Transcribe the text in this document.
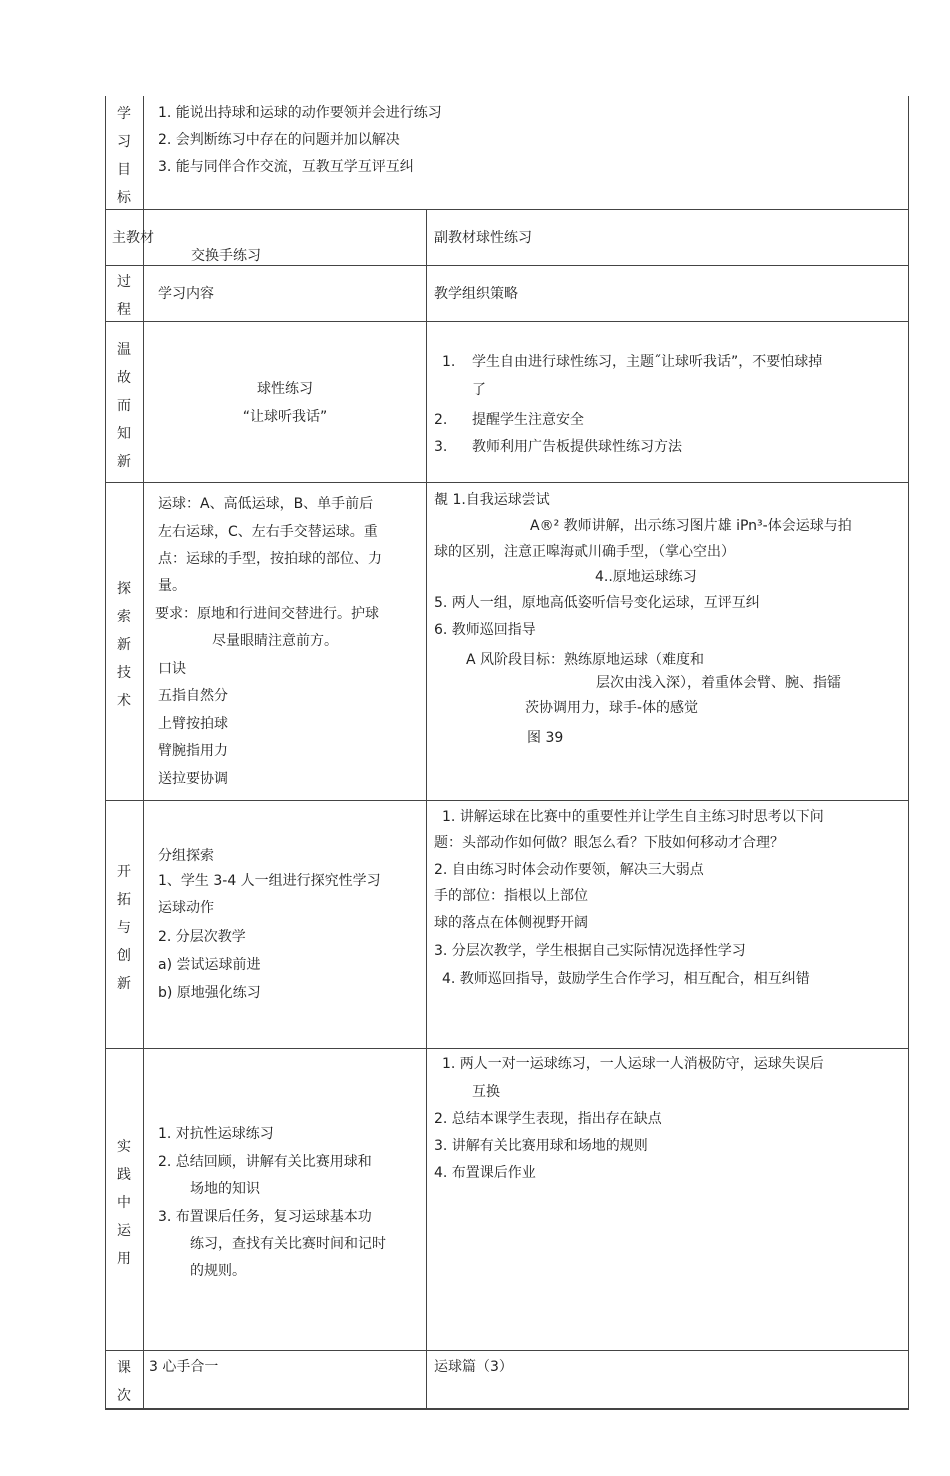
学
习
目
标
1. 能说出持球和运球的动作要领并会进行练习
2. 会判断练习中存在的问题并加以解决
3. 能与同伴合作交流，互教互学互评互纠
主教材
交换手练习
副教材球性练习
过
程
学习内容	教学组织策略
温
故
而
知
新
球性练习
“让球听我话”
1. 学生自由进行球性练习，主题˝让球听我话”，不要怕球掉
了
2. 提醒学生注意安全
3. 教师利用广告板提供球性练习方法
探
索
新
技
术
运球：A、高低运球，B、单手前后
左右运球，C、左右手交替运球。重
点：运球的手型，按拍球的部位、力
量。
要求：原地和行进间交替进行。护球
尽量眼睛注意前方。
口诀
五指自然分
上臂按拍球
臂腕指用力
送拉要协调
覩 1.自我运球尝试
A®² 教师讲解，出示练习图片雄 iPn³-体会运球与拍
球的区别，注意正嗥海贰川确手型，（掌心空出）
4..原地运球练习
5. 两人一组，原地高低姿听信号变化运球，互评互纠
6. 教师巡回指导
A 风阶段目标：熟练原地运球（难度和
层次由浅入深），着重体会臂、腕、指镭
茨协调用力，球手-体的感觉
图 39
开
拓
与
创
新
分组探索
1、学生 3-4 人一组进行探究性学习
运球动作
2. 分层次教学
a) 尝试运球前进
b) 原地强化练习
1. 讲解运球在比赛中的重要性并让学生自主练习时思考以下问
题：头部动作如何做？眼怎么看？下肢如何移动才合理？
2. 自由练习时体会动作要领，解决三大弱点
手的部位：指根以上部位
球的落点在体侧视野开阔
3. 分层次教学，学生根据自己实际情况选择性学习
4. 教师巡回指导，鼓励学生合作学习，相互配合，相互纠错
实
践
中
运
用
1. 对抗性运球练习
2. 总结回顾，讲解有关比赛用球和
场地的知识
3. 布置课后任务，复习运球基本功
练习，查找有关比赛时间和记时
的规则。
1. 两人一对一运球练习，一人运球一人消极防守，运球失误后
互换
2. 总结本课学生表现，指出存在缺点
3. 讲解有关比赛用球和场地的规则
4. 布置课后作业
课
次
3 心手合一	运球篇（3）
